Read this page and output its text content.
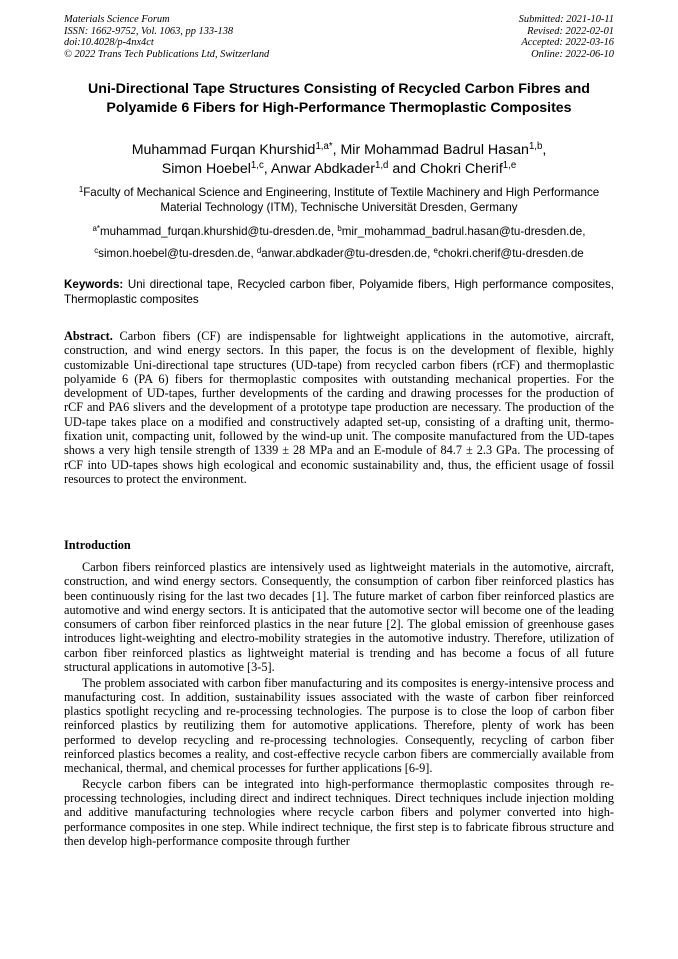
Materials Science Forum
ISSN: 1662-9752, Vol. 1063, pp 133-138
doi:10.4028/p-4nx4ct
© 2022 Trans Tech Publications Ltd, Switzerland
Submitted: 2021-10-11
Revised: 2022-02-01
Accepted: 2022-03-16
Online: 2022-06-10
Uni-Directional Tape Structures Consisting of Recycled Carbon Fibres and Polyamide 6 Fibers for High-Performance Thermoplastic Composites
Muhammad Furqan Khurshid$^{1,a*}$, Mir Mohammad Badrul Hasan$^{1,b}$,
Simon Hoebel$^{1,c}$, Anwar Abdkader$^{1,d}$ and Chokri Cherif$^{1,e}$
$^1$Faculty of Mechanical Science and Engineering, Institute of Textile Machinery and High Performance Material Technology (ITM), Technische Universität Dresden, Germany
$^{a*}$muhammad_furqan.khurshid@tu-dresden.de, $^b$mir_mohammad_badrul.hasan@tu-dresden.de,
$^c$simon.hoebel@tu-dresden.de, $^d$anwar.abdkader@tu-dresden.de, $^e$chokri.cherif@tu-dresden.de
Keywords: Uni directional tape, Recycled carbon fiber, Polyamide fibers, High performance composites, Thermoplastic composites
Abstract. Carbon fibers (CF) are indispensable for lightweight applications in the automotive, aircraft, construction, and wind energy sectors. In this paper, the focus is on the development of flexible, highly customizable Uni-directional tape structures (UD-tape) from recycled carbon fibers (rCF) and thermoplastic polyamide 6 (PA 6) fibers for thermoplastic composites with outstanding mechanical properties. For the development of UD-tapes, further developments of the carding and drawing processes for the production of rCF and PA6 slivers and the development of a prototype tape production are necessary. The production of the UD-tape takes place on a modified and constructively adapted set-up, consisting of a drafting unit, thermo-fixation unit, compacting unit, followed by the wind-up unit. The composite manufactured from the UD-tapes shows a very high tensile strength of 1339 ± 28 MPa and an E-module of 84.7 ± 2.3 GPa. The processing of rCF into UD-tapes shows high ecological and economic sustainability and, thus, the efficient usage of fossil resources to protect the environment.
Introduction

Carbon fibers reinforced plastics are intensively used as lightweight materials in the automotive, aircraft, construction, and wind energy sectors. Consequently, the consumption of carbon fiber reinforced plastics has been continuously rising for the last two decades [1]. The future market of carbon fiber reinforced plastics are automotive and wind energy sectors. It is anticipated that the automotive sector will become one of the leading consumers of carbon fiber reinforced plastics in the near future [2]. The global emission of greenhouse gases introduces light-weighting and electro-mobility strategies in the automotive industry. Therefore, utilization of carbon fiber reinforced plastics as lightweight material is trending and has become a focus of all future structural applications in automotive [3-5].

The problem associated with carbon fiber manufacturing and its composites is energy-intensive process and manufacturing cost. In addition, sustainability issues associated with the waste of carbon fiber reinforced plastics spotlight recycling and re-processing technologies. The purpose is to close the loop of carbon fiber reinforced plastics by reutilizing them for automotive applications. Therefore, plenty of work has been performed to develop recycling and re-processing technologies. Consequently, recycling of carbon fiber reinforced plastics becomes a reality, and cost-effective recycle carbon fibers are commercially available from mechanical, thermal, and chemical processes for further applications [6-9].

Recycle carbon fibers can be integrated into high-performance thermoplastic composites through re-processing technologies, including direct and indirect techniques. Direct techniques include injection molding and additive manufacturing technologies where recycle carbon fibers and polymer converted into high-performance composites in one step. While indirect technique, the first step is to fabricate fibrous structure and then develop high-performance composite through further
